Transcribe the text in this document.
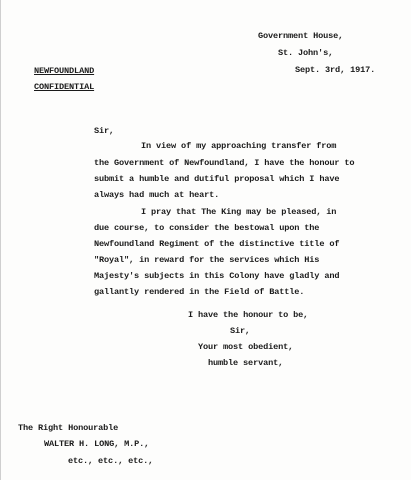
Government House,
St. John's,
Sept. 3rd, 1917.
NEWFOUNDLAND
CONFIDENTIAL
Sir,
In view of my approaching transfer from
the Government of Newfoundland, I have the honour to
submit a humble and dutiful proposal which I have
always had much at heart.
I pray that The King may be pleased, in
due course, to consider the bestowal upon the
Newfoundland Regiment of the distinctive title of
"Royal", in reward for the services which His
Majesty's subjects in this Colony have gladly and
gallantly rendered in the Field of Battle.
I have the honour to be,
Sir,
Your most obedient,
humble servant,
The Right Honourable
WALTER H. LONG, M.P.,
etc., etc., etc.,
